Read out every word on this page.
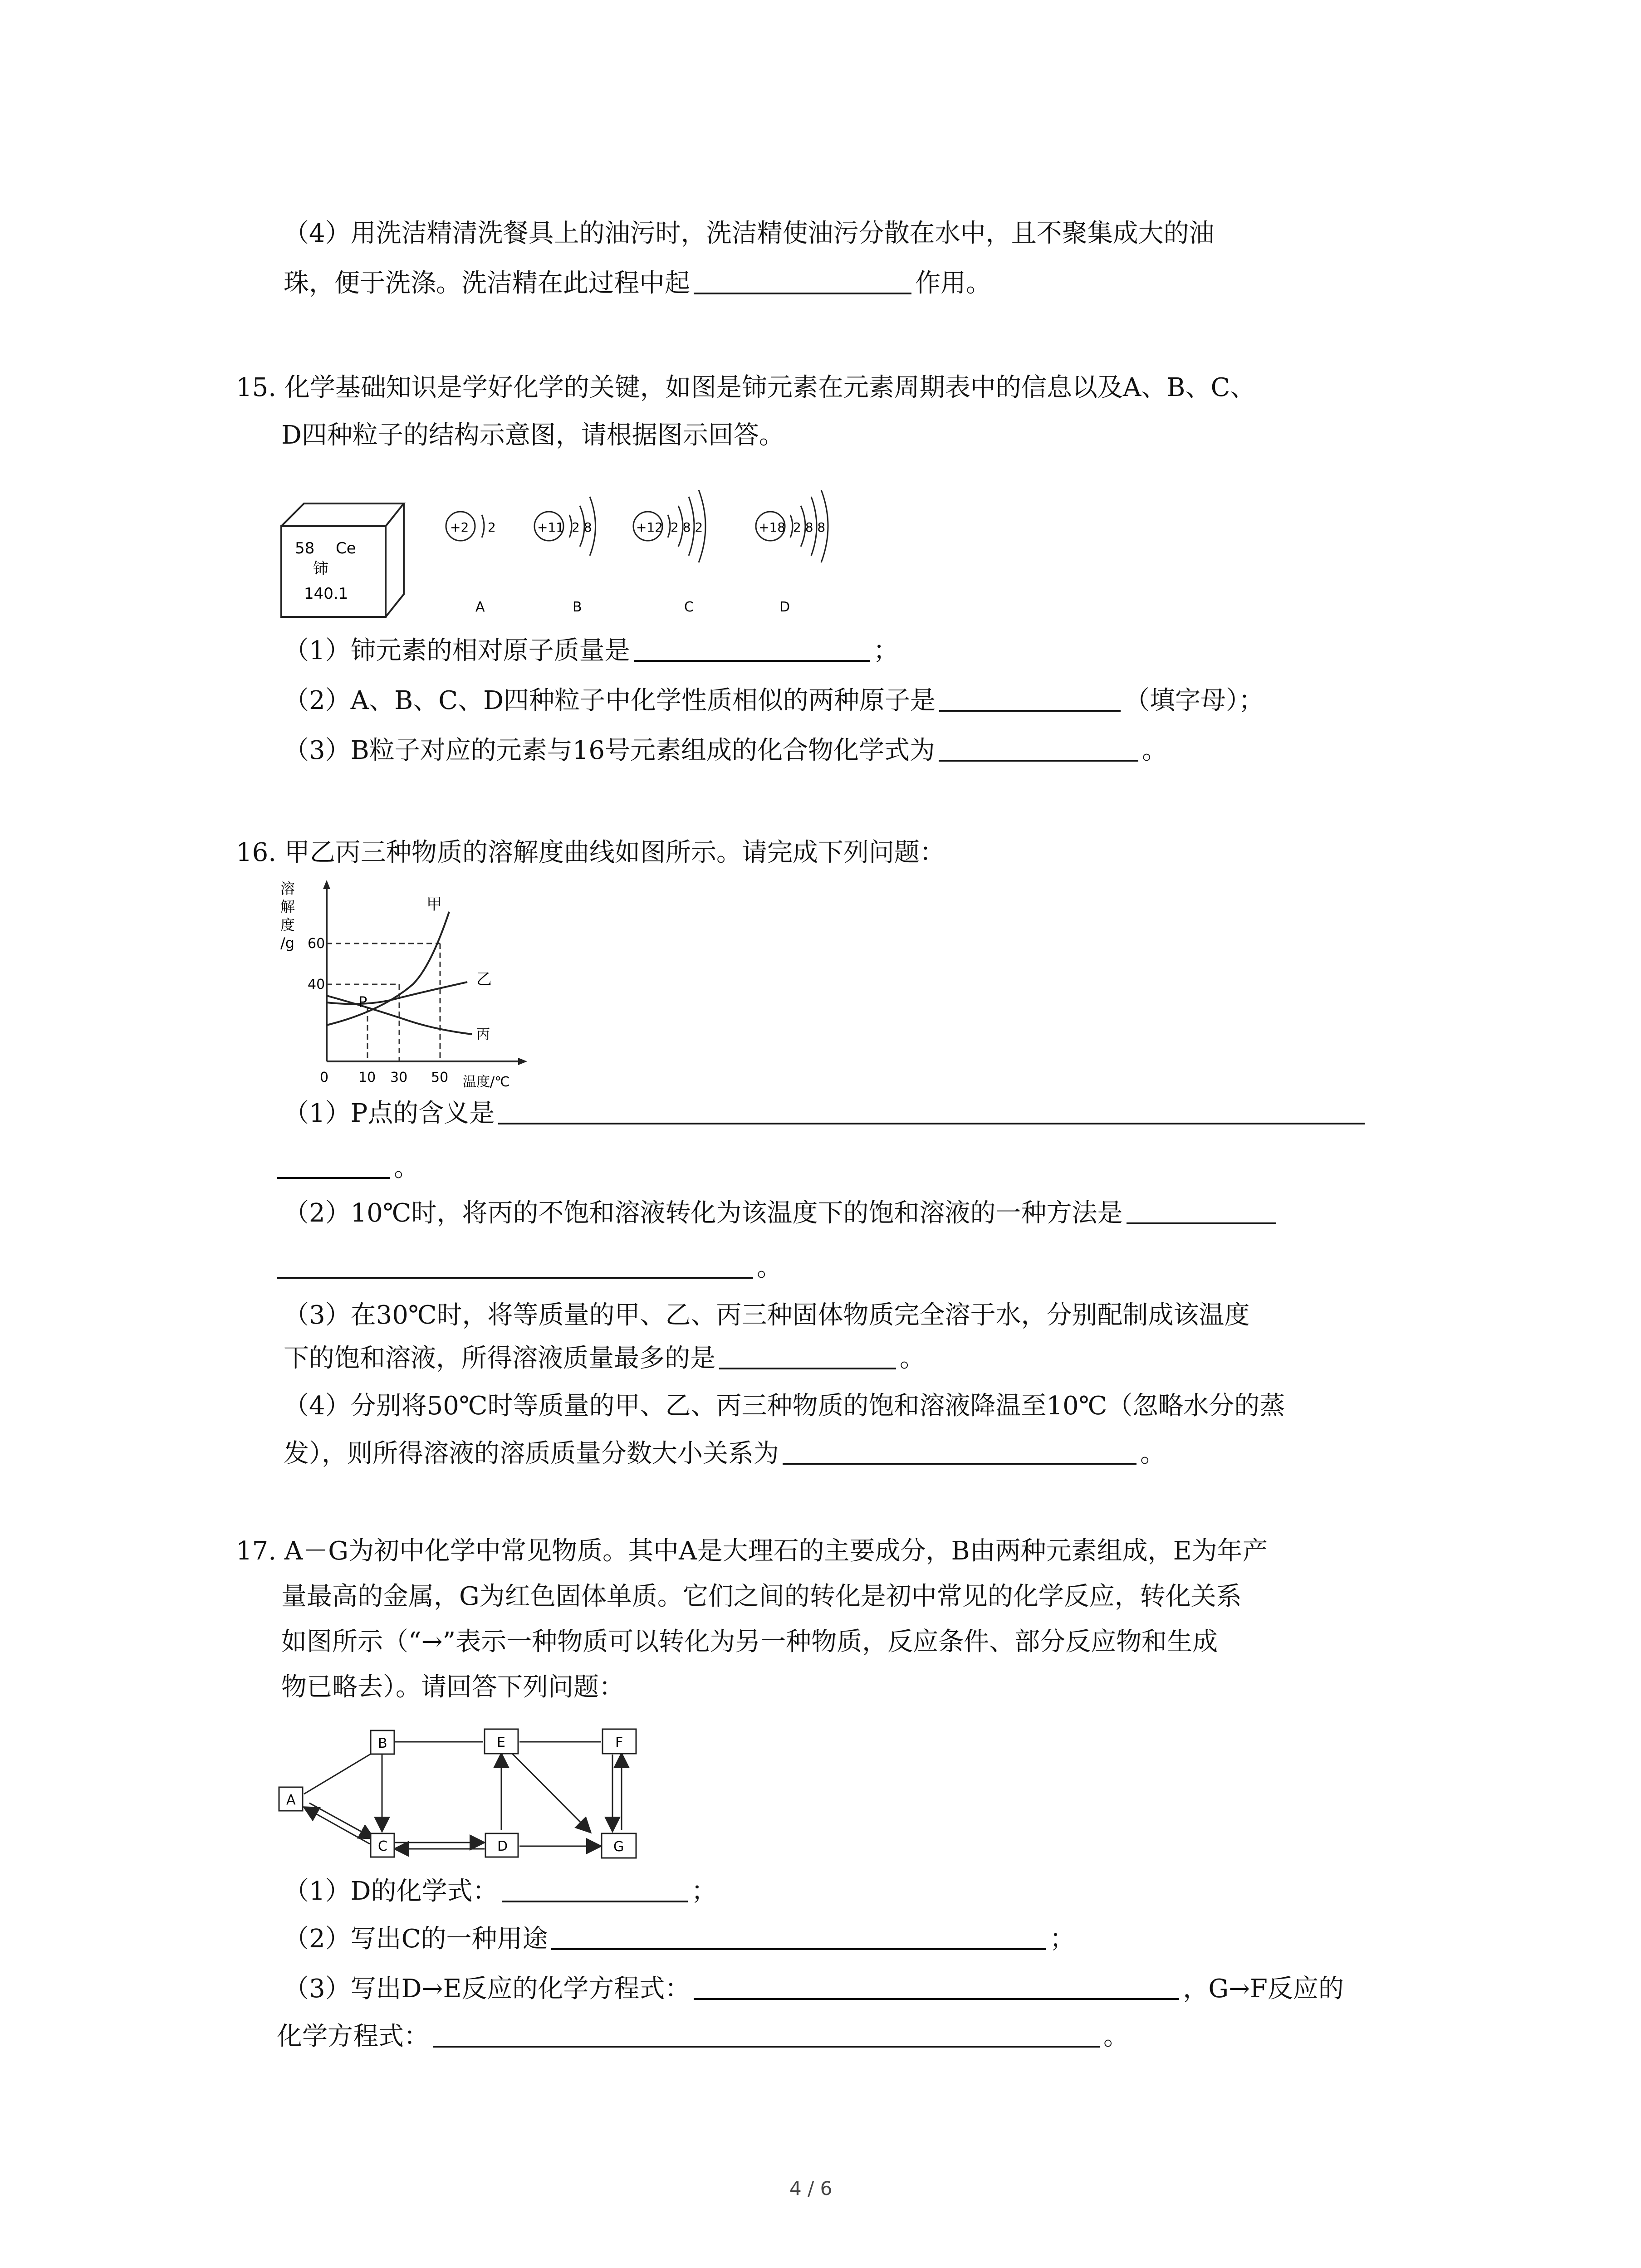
（4）用洗洁精清洗餐具上的油污时，洗洁精使油污分散在水中，且不聚集成大的油
珠，便于洗涤。洗洁精在此过程中起	作用。
15. 化学基础知识是学好化学的关键，如图是铈元素在元素周期表中的信息以及A、B、C、
D四种粒子的结构示意图，请根据图示回答。
58 Ce
铈
140.1
+2 2
A
+11 2 8
B
+12 2 8 2
C
+18 2 8 8
D
（1）铈元素的相对原子质量是	；
（2）A、B、C、D四种粒子中化学性质相似的两种原子是	（填字母）；
（3）B粒子对应的元素与16号元素组成的化合物化学式为	。
16. 甲乙丙三种物质的溶解度曲线如图所示。请完成下列问题：
溶
解
度
/g
0 10 30 50
60
40
P
甲
乙
丙
温度/℃
（1）P点的含义是
。
（2）10℃时，将丙的不饱和溶液转化为该温度下的饱和溶液的一种方法是
。
（3）在30℃时，将等质量的甲、乙、丙三种固体物质完全溶于水，分别配制成该温度
下的饱和溶液，所得溶液质量最多的是	。
（4）分别将50℃时等质量的甲、乙、丙三种物质的饱和溶液降温至10℃（忽略水分的蒸
发），则所得溶液的溶质质量分数大小关系为	。
17. A－G为初中化学中常见物质。其中A是大理石的主要成分，B由两种元素组成，E为年产
量最高的金属，G为红色固体单质。它们之间的转化是初中常见的化学反应，转化关系
如图所示（“→”表示一种物质可以转化为另一种物质，反应条件、部分反应物和生成
物已略去）。请回答下列问题：
A
B
C	D
E	F
G
（1）D的化学式：	；
（2）写出C的一种用途	；
（3）写出D→E反应的化学方程式：	，G→F反应的
化学方程式：	。
4 / 6
